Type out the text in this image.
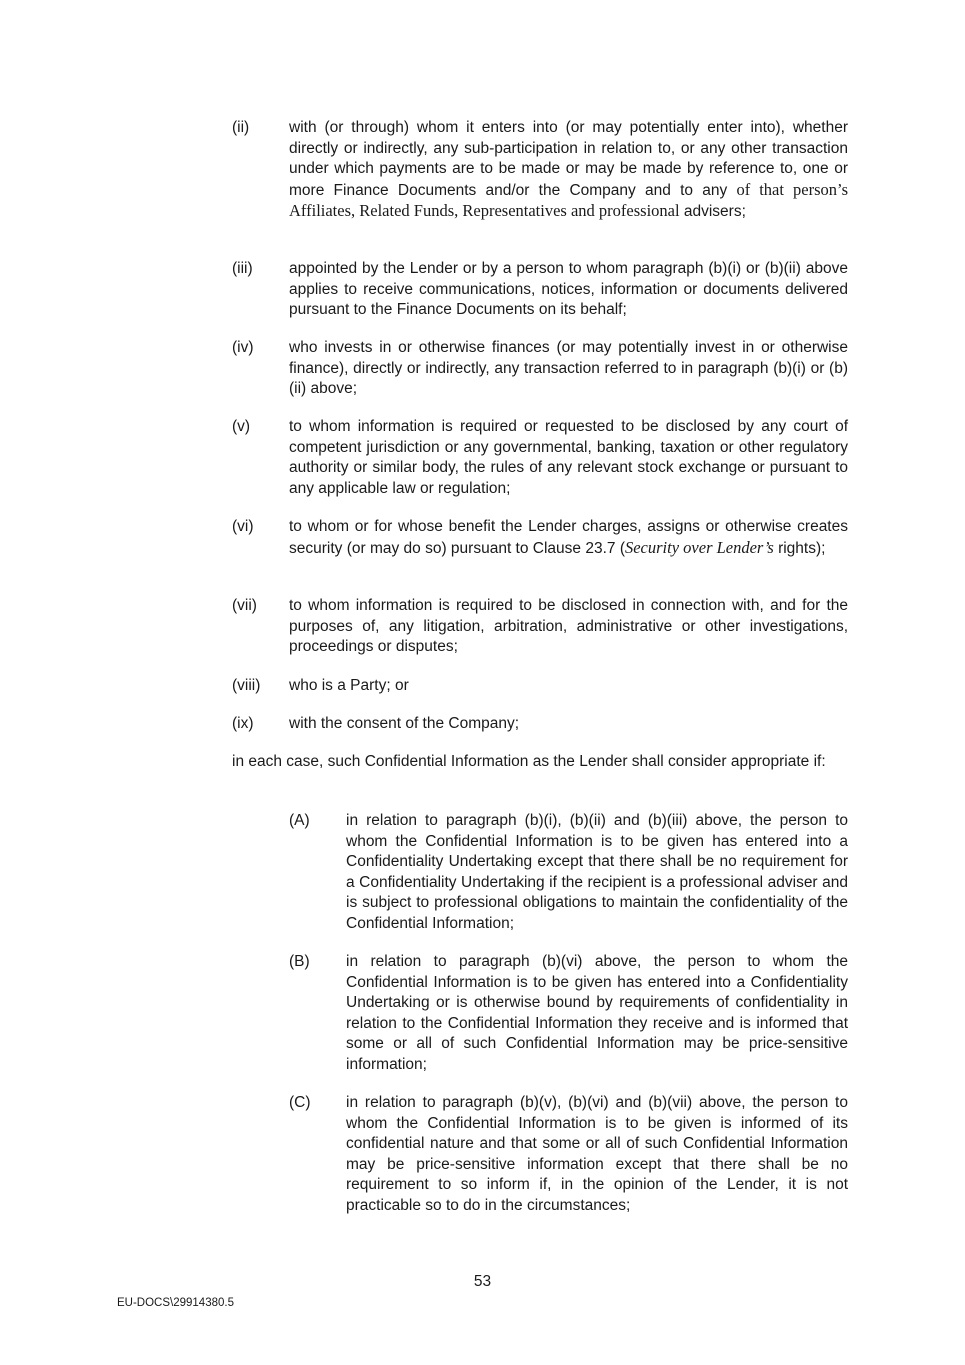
(ii)	with (or through) whom it enters into (or may potentially enter into), whether directly or indirectly, any sub-participation in relation to, or any other transaction under which payments are to be made or may be made by reference to, one or more Finance Documents and/or the Company and to any of that person’s Affiliates, Related Funds, Representatives and professional advisers;
(iii)	appointed by the Lender or by a person to whom paragraph (b)(i) or (b)(ii) above applies to receive communications, notices, information or documents delivered pursuant to the Finance Documents on its behalf;
(iv)	who invests in or otherwise finances (or may potentially invest in or otherwise finance), directly or indirectly, any transaction referred to in paragraph (b)(i) or (b)(ii) above;
(v)	to whom information is required or requested to be disclosed by any court of competent jurisdiction or any governmental, banking, taxation or other regulatory authority or similar body, the rules of any relevant stock exchange or pursuant to any applicable law or regulation;
(vi)	to whom or for whose benefit the Lender charges, assigns or otherwise creates security (or may do so) pursuant to Clause 23.7 (Security over Lender’s rights);
(vii)	to whom information is required to be disclosed in connection with, and for the purposes of, any litigation, arbitration, administrative or other investigations, proceedings or disputes;
(viii)	who is a Party; or
(ix)	with the consent of the Company;
in each case, such Confidential Information as the Lender shall consider appropriate if:
(A)	in relation to paragraph (b)(i), (b)(ii) and (b)(iii) above, the person to whom the Confidential Information is to be given has entered into a Confidentiality Undertaking except that there shall be no requirement for a Confidentiality Undertaking if the recipient is a professional adviser and is subject to professional obligations to maintain the confidentiality of the Confidential Information;
(B)	in relation to paragraph (b)(vi) above, the person to whom the Confidential Information is to be given has entered into a Confidentiality Undertaking or is otherwise bound by requirements of confidentiality in relation to the Confidential Information they receive and is informed that some or all of such Confidential Information may be price-sensitive information;
(C)	in relation to paragraph (b)(v), (b)(vi) and (b)(vii) above, the person to whom the Confidential Information is to be given is informed of its confidential nature and that some or all of such Confidential Information may be price-sensitive information except that there shall be no requirement to so inform if, in the opinion of the Lender, it is not practicable so to do in the circumstances;
53
EU-DOCS\29914380.5
